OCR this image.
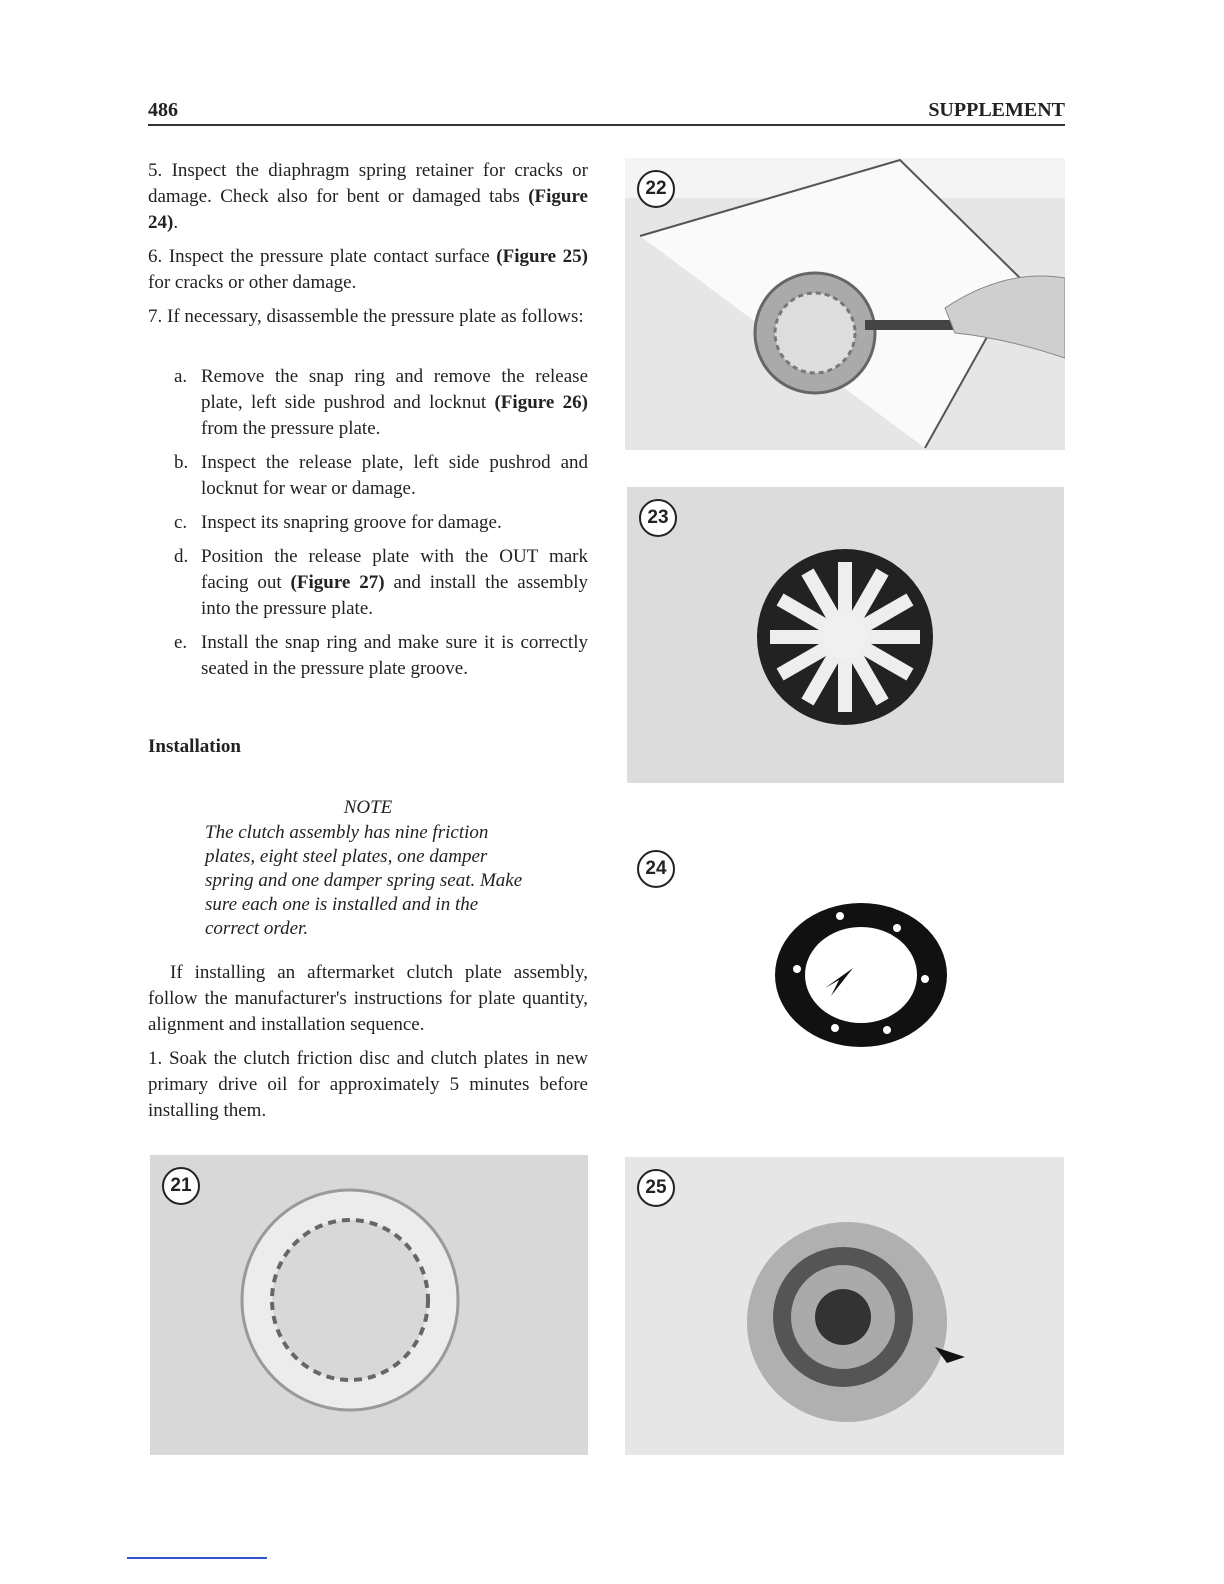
486	SUPPLEMENT
5. Inspect the diaphragm spring retainer for cracks or damage. Check also for bent or damaged tabs (Figure 24).
6. Inspect the pressure plate contact surface (Figure 25) for cracks or other damage.
7. If necessary, disassemble the pressure plate as follows:
a. Remove the snap ring and remove the release plate, left side pushrod and locknut (Figure 26) from the pressure plate.
b. Inspect the release plate, left side pushrod and locknut for wear or damage.
c. Inspect its snapring groove for damage.
d. Position the release plate with the OUT mark facing out (Figure 27) and install the assembly into the pressure plate.
e. Install the snap ring and make sure it is correctly seated in the pressure plate groove.
Installation
NOTE
The clutch assembly has nine friction plates, eight steel plates, one damper spring and one damper spring seat. Make sure each one is installed and in the correct order.
If installing an aftermarket clutch plate assembly, follow the manufacturer's instructions for plate quantity, alignment and installation sequence.
1. Soak the clutch friction disc and clutch plates in new primary drive oil for approximately 5 minutes before installing them.
22
23
24
21	25
